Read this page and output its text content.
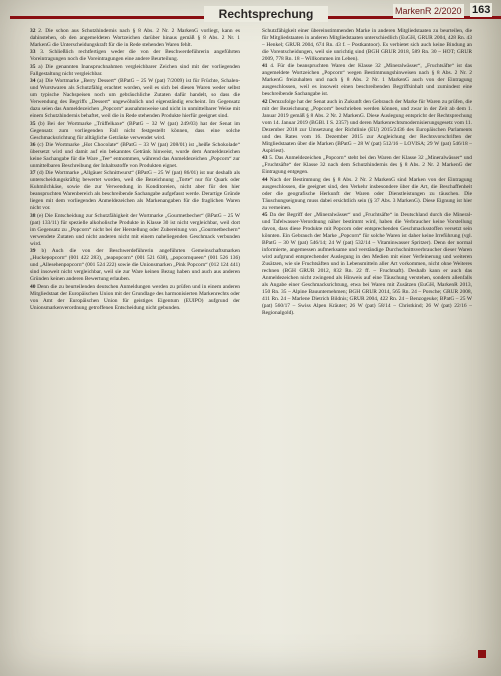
Rechtsprechung	MarkenR 2/2020 163

32 2. Die schon aus Schutzhindernis nach § 8 Abs. 2 Nr. 2 MarkenG vorliegt, kann es dahinstehen, ob den angemeldeten Wortzeichen darüber hinaus gemäß § 8 Abs. 2 Nr. 1 MarkenG die Unterscheidungskraft für die in Rede stehenden Waren fehlt.

33 3. Schließlich rechtfertigen weder die von der Beschwerdeführerin angeführten Voreintragungen noch die Voreintragungen eine andere Beurteilung.

35 a) Die genannten Inanspruchnahmen vergleichbarer Zeichen sind mit der vorliegenden Fallgestaltung nicht vergleichbar.

34 (a) Die Wortmarke „Berry Dessert“ (BPatG – 25 W (pat) 7/2009) ist für Früchte, Schalen- und Wurstwaren als Schutzfähig erachtet worden, weil es sich bei diesen Waren weder selbst um typische Nachspeisen noch um gebräuchliche Zutaten dafür handelt, so dass die Verwendung des Begriffs „Dessert“ ungewöhnlich und eigenständig erscheint. Im Gegensatz dazu seien das Anmeldezeichen „Popcorn“ ausnahmsweise und nicht in unmittelbarer Weise mit einem Schutzhindernis behaftet, weil die in Rede stehenden Produkte hierfür geeignet sind.

35 (b) Bei der Wortmarke „Trüffelkaxe“ (BPatG – 32 W (pat) 249/03) hat der Senat im Gegensatz zum vorliegenden Fall nicht festgestellt können, dass eine solche Geschmacksrichtung für alltägliche Getränke verwendet wird.

36 (c) Die Wortmarke „Hot Chocolate“ (BPatG – 33 W (pat) 208/01) ist „heiße Schokolade“ übersetzt wird und damit auf ein bekanntes Getränk hinweist, wurde dem Anmeldezeichen keine Sachangabe für die Ware „Tee“ entnommen, während das Anmeldezeichen „Popcorn“ zur unmittelbaren Beschreibung der Inhaltsstoffe von Produkten eignet.

37 (d) Die Wortmarke „Allgäuer Schnittwurst“ (BPatG – 25 W (pat) 86/01) ist nur deshalb als unterscheidungskräftig bewertet worden, weil die Bezeichnung „Torte“ nur für Quark oder Kuhmilchkäse, sowie die zur Verwendung in Konditoreien, nicht aber für den hier beanspruchten Warenbereich als beschreibende Sachangabe aufgefasst werde. Derartige Gründe liegen mit dem vorliegenden Anmeldezeichen als Markenangaben für die fraglichen Waren nicht vor.

38 (e) Die Entscheidung zur Schutzfähigkeit der Wortmarke „Gourmetbecher“ (BPatG – 25 W (pat) 133/11) für spezielle alkoholische Produkte in Klasse 30 ist nicht vergleichbar, weil dort im Gegensatz zu „Popcorn“ nicht bei der Herstellung oder Zubereitung von „Gourmetbechern“ verwendete Zutaten und nicht anderen nicht mit einem naheliegenden Geschmack verbunden wird.

39 b) Auch die von der Beschwerdeführerin angeführten Gemeinschaftsmarken „Huckepopcorn“ (001 422 283), „teapopcorn“ (001 521 638), „popcornqueen“ (001 526 136) und „Allesehenpopcorn“ (001 524 222) sowie die Unionsmarken „Pink Popcorn“ (012 124 441) sind insoweit nicht vergleichbar, weil sie zur Ware keinen Bezug haben und auch aus anderen Gründen keinen anderen Bewertung erlauben.

40 Denn die zu beurteilenden deutschen Anmeldungen werden zu prüfen und in einem anderen Mitgliedstaat der Europäischen Union mit der Grundlage des harmonisierten Markenrechts oder von Amt der Europäischen Union für geistiges Eigentum (EUIPO) aufgrund der Unionsmarkenverordnung getroffenen Entscheidung nicht gebunden.

Schutzfähigkeit einer übereinstimmenden Marke in anderen Mitgliedstaaten zu beurteilen, die für Mitgliedstaaten in anderen Mitgliedstaaten unterschiedlich (EuGH, GRUR 2004, 428 Rn. 43 – Henkel; GRUR 2004, 674 Rn. 43 f. – Postkantoor). Es verbietet sich auch keine Bindung an die Vorentscheidungen, weil sie unrichtig sind (BGH GRUR 2018, 589 Rn. 30 – HOT; GRUR 2009, 778 Rn. 18 – Willkommen im Leben).

41 4. Für die beanspruchten Waren der Klasse 32 „Mineralwässer“, „Fruchtsäfte“ ist das angemeldete Wortzeichen „Popcorn“ wegen Bestimmungshinweisen nach § 8 Abs. 2 Nr. 2 MarkenG freizuhalten und nach § 8 Abs. 2 Nr. 1 MarkenG auch von der Eintragung ausgeschlossen, weil es insoweit einen beschreibenden Begriffsinhalt und zumindest eine beschreibende Sachangabe ist.

42 Demzufolge hat der Senat auch in Zukunft den Gebrauch der Marke für Waren zu prüfen, die mit der Bezeichnung „Popcorn“ beschrieben werden können, und zwar in der Zeit ab dem 1. Januar 2019 gemäß § 8 Abs. 2 Nr. 2 MarkenG. Diese Auslegung entspricht der Rechtsprechung vom 14. Januar 2019 (BGBl. I S. 2357) und deren Markenrechtsmodernisierungsgesetz vom 11. Dezember 2018 zur Umsetzung der Richtlinie (EU) 2015/2436 des Europäischen Parlaments und des Rates vom 16. Dezember 2015 zur Angleichung der Rechtsvorschriften der Mitgliedstaaten über die Marken (BPatG – 28 W (pat) 512/16 – LOVISA; 29 W (pat) 546/18 – Aspiriest).

43 5. Das Anmeldezeichen „Popcorn“ steht bei den Waren der Klasse 32 „Mineralwässer“ und „Fruchtsäfte“ der Klasse 32 nach dem Schutzhindernis des § 8 Abs. 2 Nr. 2 MarkenG der Eintragung entgegen.

44 Nach der Bestimmung des § 8 Abs. 2 Nr. 2 MarkenG sind Marken von der Eintragung ausgeschlossen, die geeignet sind, den Verkehr insbesondere über die Art, die Beschaffenheit oder die geografische Herkunft der Waren oder Dienstleistungen zu täuschen. Die Täuschungseignung muss dabei ersichtlich sein (§ 37 Abs. 3 MarkenG). Diese Eignung ist hier zu verneinen.

45 Da der Begriff der „Mineralwässer“ und „Fruchtsäfte“ in Deutschland durch die Mineral- und Tafelwasser-Verordnung näher bestimmt wird, haben die Verbraucher keine Vorstellung davon, dass diese Produkte mit Popcorn oder entsprechenden Geschmacksstoffen versetzt sein könnten. Ein Gebrauch der Marke „Popcorn“ für solche Waren ist daher keine Irreführung (vgl. BPatG – 30 W (pat) 546/14; 24 W (pat) 532/14 – Vitaminwasser Spritzer). Denn der normal informierte, angemessen aufmerksame und verständige Durchschnittsverbraucher dieser Waren wird aufgrund entsprechender Auslegung in den Medien mit einer Verfeinerung und weiteren Zusätzen, wie sie Fruchtsäften und in Lebensmitteln aller Art vorkommen, nicht ohne Weiteres rechnen (BGH GRUR 2012, 832 Rn. 22 ff. – Fruchtsaft). Deshalb kann er auch das Anmeldezeichen nicht zwingend als Hinweis auf eine Täuschung verstehen, sondern allenfalls als Angabe einer Geschmacksrichtung, etwa bei Waren mit Zusätzen (EuGH, MarkenR 2013, 150 Rn. 35 – Alpine Bauunternehmen; BGH GRUR 2014, 565 Rn. 24 – Porsche; GRUR 2008, 411 Rn. 24 – Marlene Dietrich Bildnis; GRUR 2004, 422 Rn. 24 – Benzogeuke; BPatG – 25 W (pat) 560/17 – Swiss Alpen Kräuter; 26 W (pat) 58/14 – Christkind; 26 W (pat) 22/16 – Regionalgold).
